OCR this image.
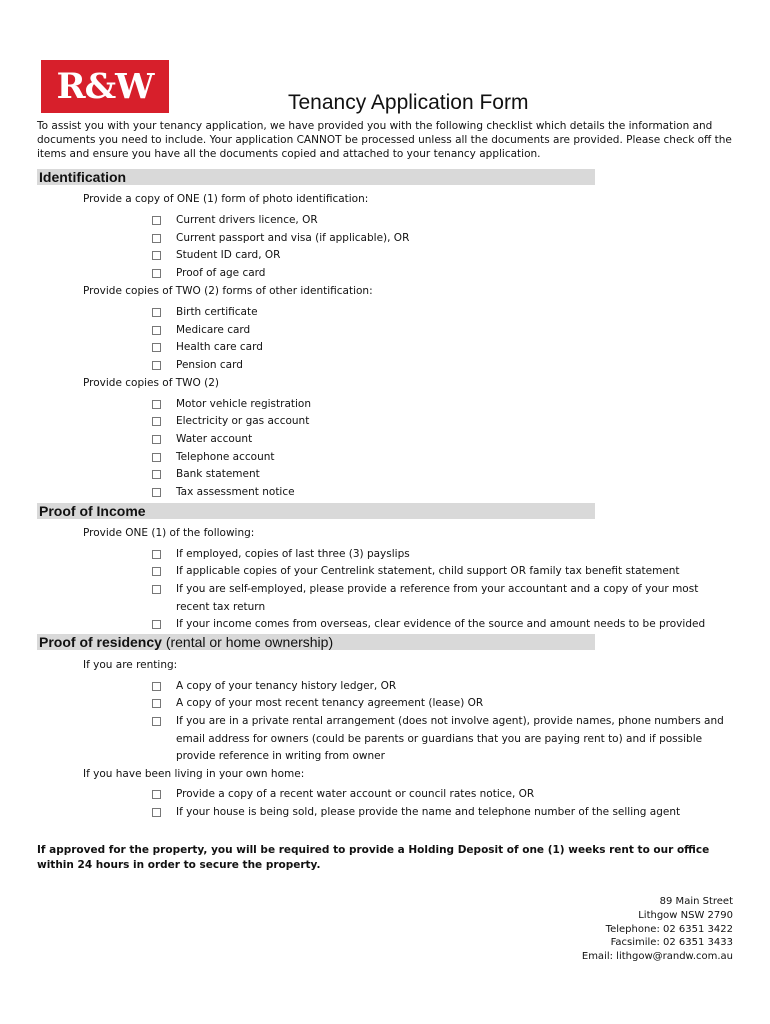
R&W	Tenancy Application Form
To assist you with your tenancy application, we have provided you with the following checklist which details the information and documents you need to include. Your application CANNOT be processed unless all the documents are provided. Please check off the items and ensure you have all the documents copied and attached to your tenancy application.
Identification
Provide a copy of ONE (1) form of photo identification:
Current drivers licence, OR
Current passport and visa (if applicable), OR
Student ID card, OR
Proof of age card
Provide copies of TWO (2) forms of other identification:
Birth certificate
Medicare card
Health care card
Pension card
Provide copies of TWO (2)
Motor vehicle registration
Electricity or gas account
Water account
Telephone account
Bank statement
Tax assessment notice
Proof of Income
Provide ONE (1) of the following:
If employed, copies of last three (3) payslips
If applicable copies of your Centrelink statement, child support OR family tax benefit statement
If you are self-employed, please provide a reference from your accountant and a copy of your most recent tax return
If your income comes from overseas, clear evidence of the source and amount needs to be provided
Proof of residency (rental or home ownership)
If you are renting:
A copy of your tenancy history ledger, OR
A copy of your most recent tenancy agreement (lease) OR
If you are in a private rental arrangement (does not involve agent), provide names, phone numbers and email address for owners (could be parents or guardians that you are paying rent to) and if possible provide reference in writing from owner
If you have been living in your own home:
Provide a copy of a recent water account or council rates notice, OR
If your house is being sold, please provide the name and telephone number of the selling agent
If approved for the property, you will be required to provide a Holding Deposit of one (1) weeks rent to our office within 24 hours in order to secure the property.
89 Main Street
Lithgow NSW 2790
Telephone: 02 6351 3422
Facsimile: 02 6351 3433
Email: lithgow@randw.com.au
